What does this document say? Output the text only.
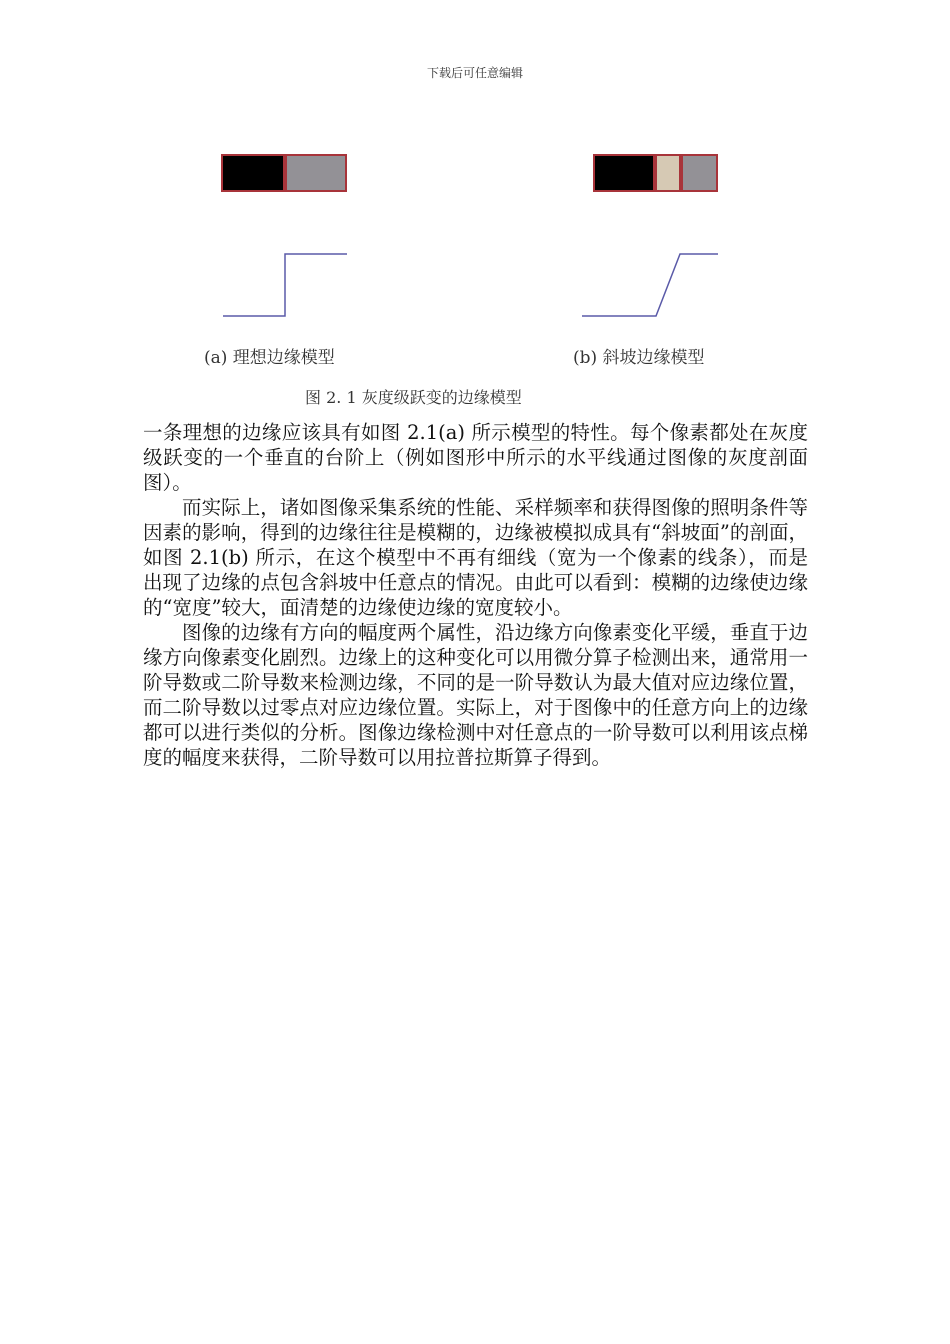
下载后可任意编辑
(a) 理想边缘模型	(b) 斜坡边缘模型
图 2. 1 灰度级跃变的边缘模型

一条理想的边缘应该具有如图 2.1(a) 所示模型的特性。每个像素都处在灰度级跃变的一个垂直的台阶上（例如图形中所示的水平线通过图像的灰度剖面图）。

而实际上，诸如图像采集系统的性能、采样频率和获得图像的照明条件等因素的影响，得到的边缘往往是模糊的，边缘被模拟成具有“斜坡面”的剖面，如图 2.1(b) 所示，在这个模型中不再有细线（宽为一个像素的线条），而是出现了边缘的点包含斜坡中任意点的情况。由此可以看到：模糊的边缘使边缘的“宽度”较大，面清楚的边缘使边缘的宽度较小。

图像的边缘有方向的幅度两个属性，沿边缘方向像素变化平缓，垂直于边缘方向像素变化剧烈。边缘上的这种变化可以用微分算子检测出来，通常用一阶导数或二阶导数来检测边缘，不同的是一阶导数认为最大值对应边缘位置，而二阶导数以过零点对应边缘位置。实际上，对于图像中的任意方向上的边缘都可以进行类似的分析。图像边缘检测中对任意点的一阶导数可以利用该点梯度的幅度来获得，二阶导数可以用拉普拉斯算子得到。
